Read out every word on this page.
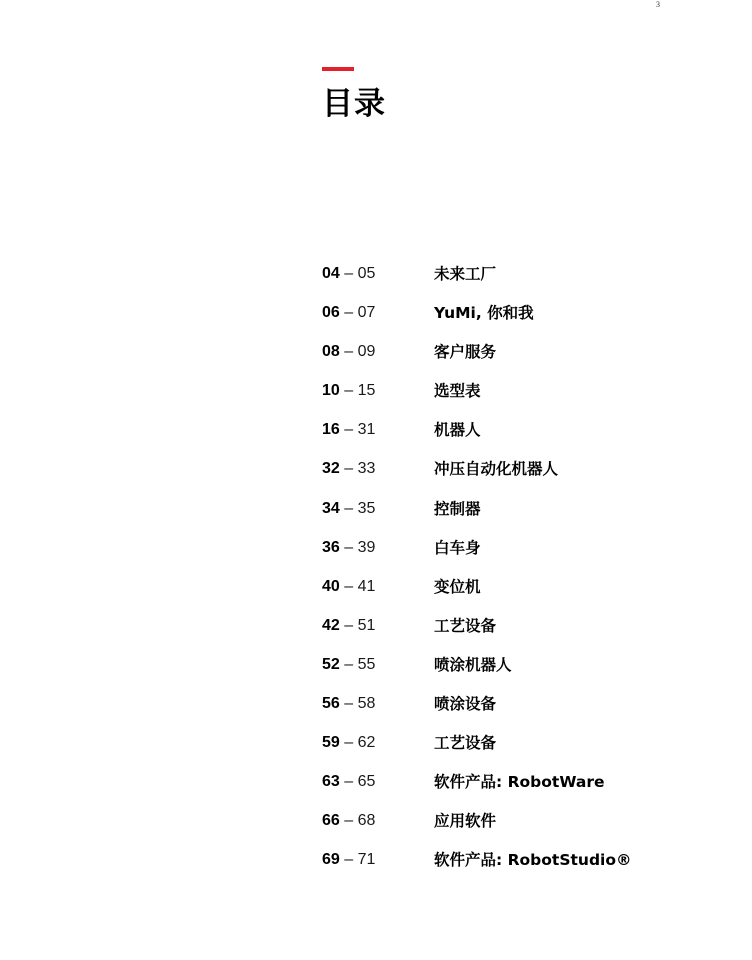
3
目录
04 – 05	未来工厂
06 – 07	YuMi, 你和我
08 – 09	客户服务
10 – 15	选型表
16 – 31	机器人
32 – 33	冲压自动化机器人
34 – 35	控制器
36 – 39	白车身
40 – 41	变位机
42 – 51	工艺设备
52 – 55	喷涂机器人
56 – 58	喷涂设备
59 – 62	工艺设备
63 – 65	软件产品: RobotWare
66 – 68	应用软件
69 – 71	软件产品: RobotStudio®
